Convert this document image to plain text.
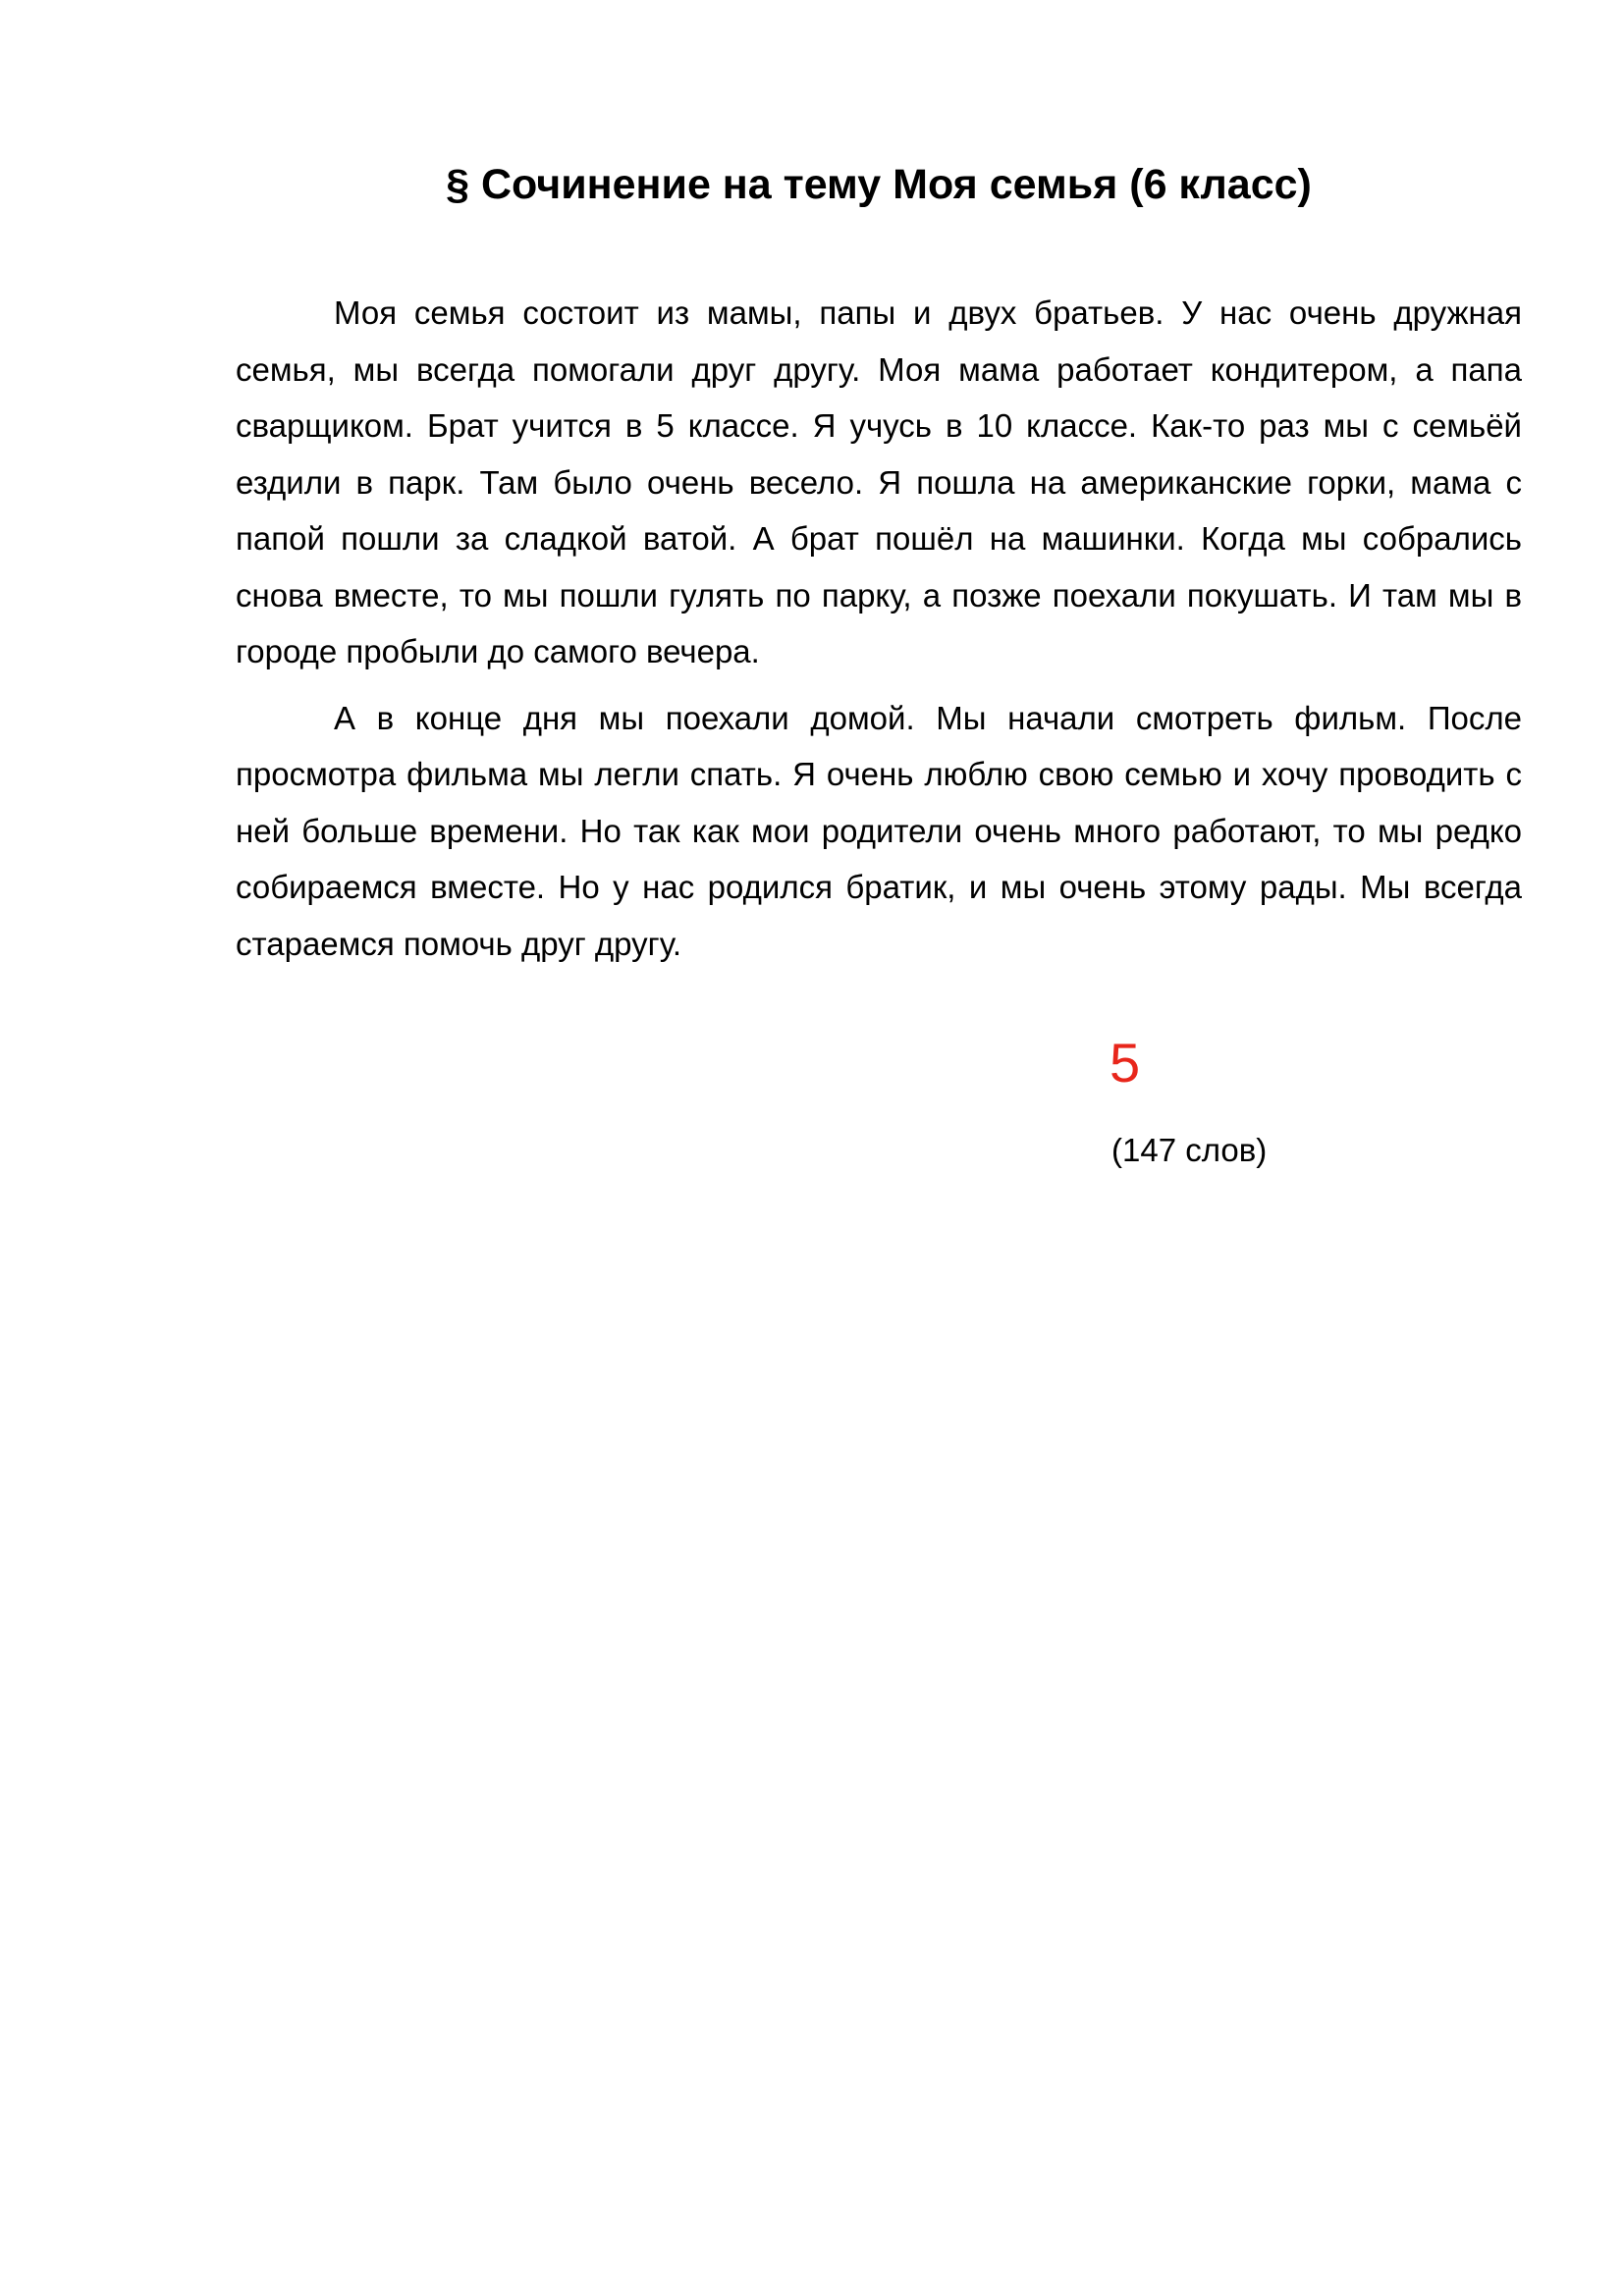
§ Сочинение на тему Моя семья (6 класс)

Моя семья состоит из мамы, папы и двух братьев. У нас очень дружная семья, мы всегда помогали друг другу. Моя мама работает кондитером, а папа сварщиком. Брат учится в 5 классе. Я учусь в 10 классе. Как-то раз мы с семьёй ездили в парк. Там было очень весело. Я пошла на американские горки, мама с папой пошли за сладкой ватой. А брат пошёл на машинки. Когда мы собрались снова вместе, то мы пошли гулять по парку, а позже поехали покушать. И там мы в городе пробыли до самого вечера.

А в конце дня мы поехали домой. Мы начали смотреть фильм. После просмотра фильма мы легли спать. Я очень люблю свою семью и хочу проводить с ней больше времени. Но так как мои родители очень много работают, то мы редко собираемся вместе. Но у нас родился братик, и мы очень этому рады. Мы всегда стараемся помочь друг другу.

5
(147 слов)
